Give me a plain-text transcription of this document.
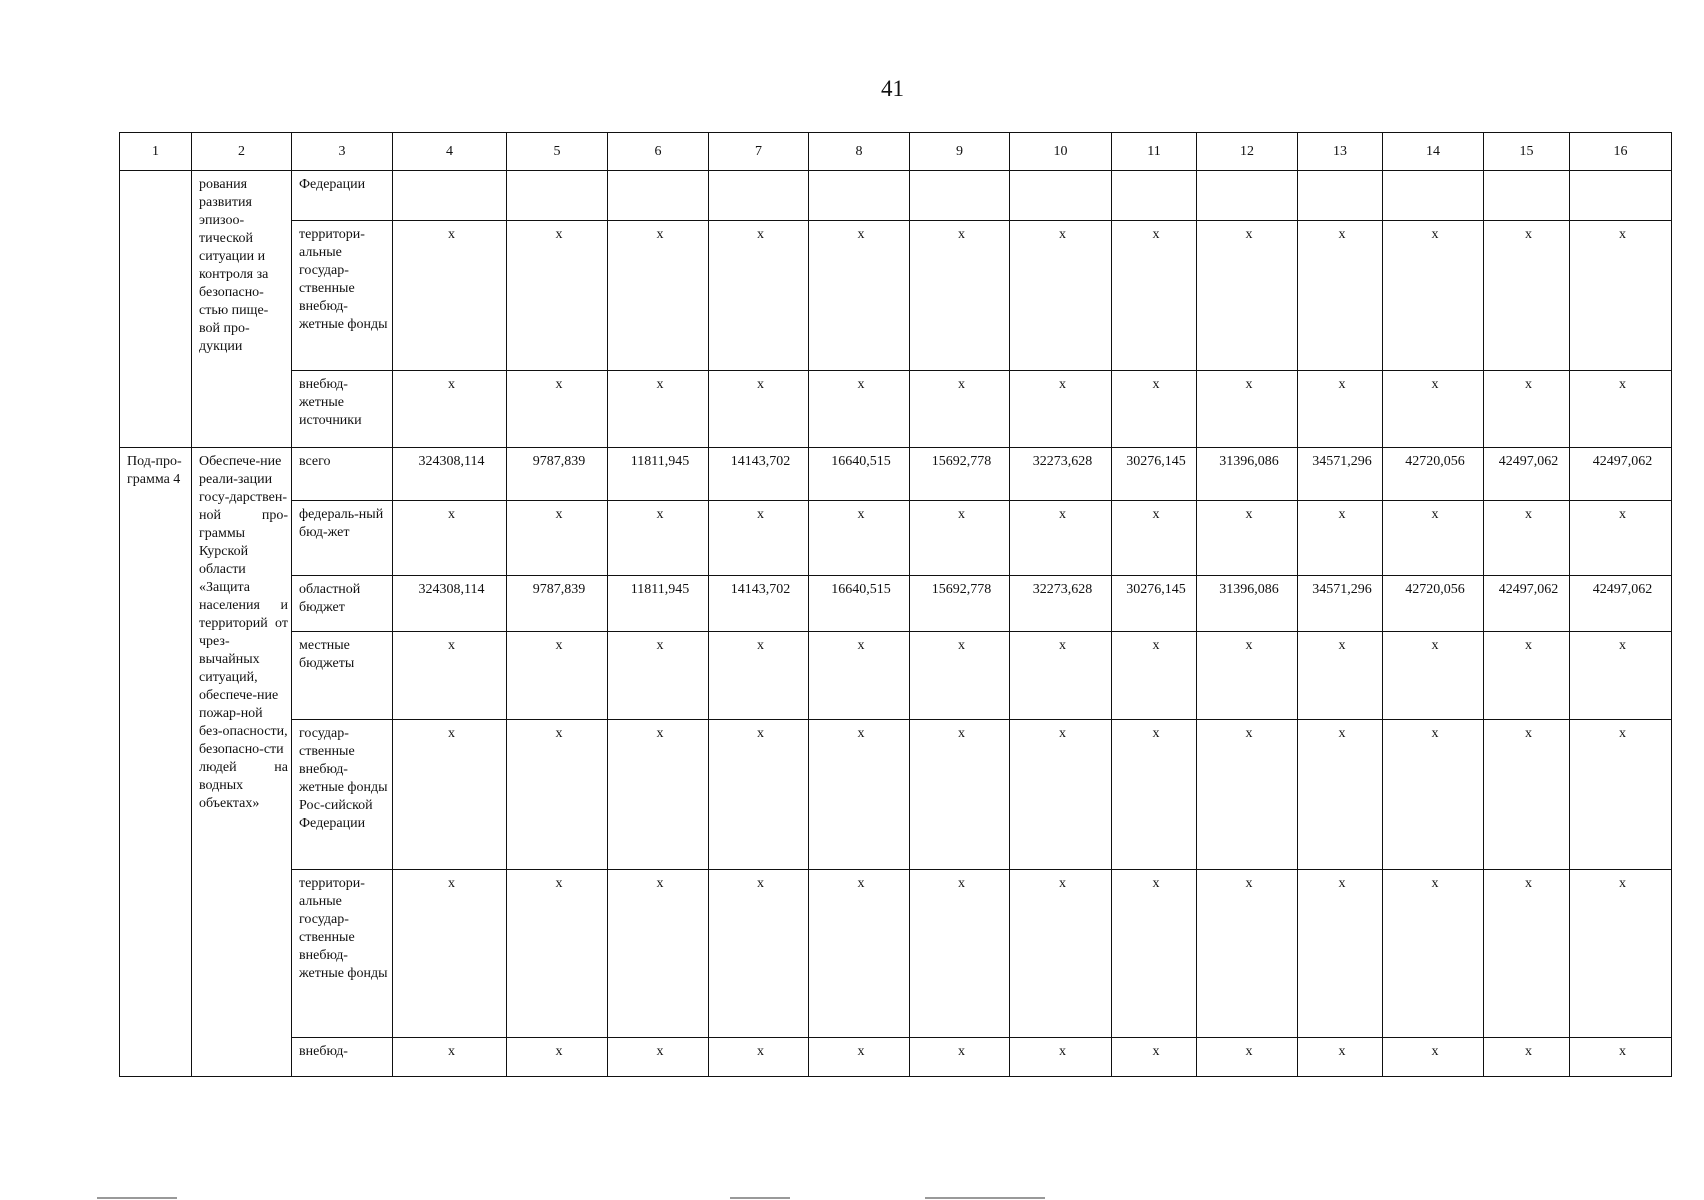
41
1	2	3	4	5	6	7	8	9	10	11	12	13	14	15	16
	рования развития эпизоо-тической ситуации и контроля за безопасно-стью пище-вой про-дукции	Федерации													
		территори-альные государ-ственные внебюд-жетные фонды	x	x	x	x	x	x	x	x	x	x	x	x	x
		внебюд-жетные источники	x	x	x	x	x	x	x	x	x	x	x	x	x
Под-про-грамма 4	Обеспече-ние реали-зации госу-дарствен-ной про-граммы Курской области «Защита населения и территорий от чрез-вычайных ситуаций, обеспече-ние пожар-ной без-опасности, безопасно-сти людей на водных объектах»	всего	324308,114	9787,839	11811,945	14143,702	16640,515	15692,778	32273,628	30276,145	31396,086	34571,296	42720,056	42497,062	42497,062
		федераль-ный бюд-жет	x	x	x	x	x	x	x	x	x	x	x	x	x
		областной бюджет	324308,114	9787,839	11811,945	14143,702	16640,515	15692,778	32273,628	30276,145	31396,086	34571,296	42720,056	42497,062	42497,062
		местные бюджеты	x	x	x	x	x	x	x	x	x	x	x	x	x
		государ-ственные внебюд-жетные фонды Рос-сийской Федерации	x	x	x	x	x	x	x	x	x	x	x	x	x
		территори-альные государ-ственные внебюд-жетные фонды	x	x	x	x	x	x	x	x	x	x	x	x	x
		внебюд-	x	x	x	x	x	x	x	x	x	x	x	x	x
